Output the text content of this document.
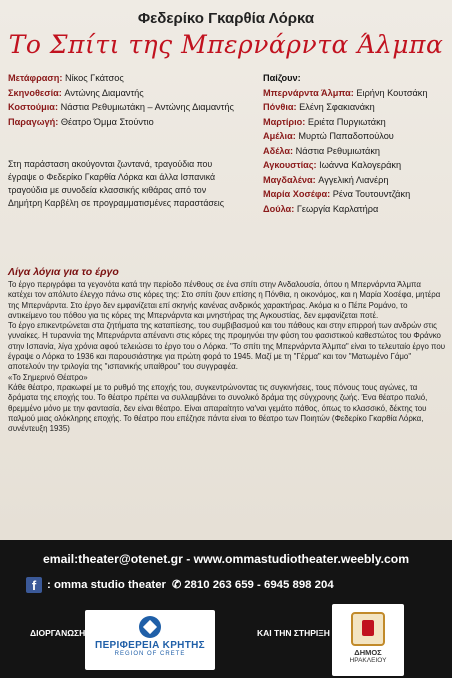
Φεδερίκο Γκαρθία Λόρκα
Το Σπίτι της Μπερνάρντα Άλμπα
Μετάφραση: Νίκος Γκάτσος
Σκηνοθεσία: Αντώνης Διαμαντής
Κοστούμια: Νάστια Ρεθυμιωτάκη – Αντώνης Διαμαντής
Παραγωγή: Θέατρο Όμμα Στούντιο
Στη παράσταση ακούγονται ζωντανά, τραγούδια που έγραψε ο Φεδερίκο Γκαρθία Λόρκα και άλλα Ισπανικά τραγούδια με συνοδεία κλασσικής κιθάρας από τον Δημήτρη Καρβέλη σε προγραμματισμένες παραστάσεις
Παίζουν:
Μπερνάρντα Άλμπα: Ειρήνη Κουτσάκη
Πόνθια: Ελένη Σφακιανάκη
Μαρτίριο: Εριέτα Πυργιωτάκη
Αμέλια: Μυρτώ Παπαδοπούλου
Αδέλα: Νάστια Ρεθυμιωτάκη
Αγκουστίας: Ιωάννα Καλογεράκη
Μαγδαλένα: Αγγελική Λιανέρη
Μαρία Χοσέφα: Ρένα Τουτουντζάκη
Δούλα: Γεωργία Καρλατήρα
Λίγα λόγια για το έργο

Το έργο περιγράφει τα γεγονότα κατά την περίοδο πένθους σε ένα σπίτι στην Ανδαλουσία, όπου η Μπερνάρντα Άλμπα κατέχει τον απόλυτο έλεγχο πάνω στις κόρες της: Στο σπίτι ζουν επίσης η Πόνθια, η οικονόμος, και η Μαρία Χοσέφα, μητέρα της Μπερνάρντα. Στο έργο δεν εμφανίζεται επί σκηνής κανένας ανδρικός χαρακτήρας. Ακόμα κι ο Πέπε Ρομάνο, το αντικείμενο του πόθου για τις κόρες της Μπερνάρντα και μνηστήρας της Αγκουστίας, δεν εμφανίζεται ποτέ.

Το έργο επικεντρώνεται στα ζητήματα της καταπίεσης, του συμβιβασμού και του πάθους και στην επιρροή των ανδρών στις γυναίκες. Η τυραννία της Μπερνάρντα απέναντι στις κόρες της προμηνύει την φύση του φασιστικού καθεστώτος του Φράνκο στην Ισπανία, λίγα χρόνια αφού τελειώσει το έργο του ο Λόρκα. "Το σπίτι της Μπερνάρντα Άλμπα" είναι το τελευταίο έργο που έγραψε ο Λόρκα το 1936 και παρουσιάστηκε για πρώτη φορά το 1945. Μαζί με τη "Γέρμα" και τον "Ματωμένο Γάμο" αποτελούν την τριλογία της "ισπανικής υπαίθρου" του συγγραφέα.

«Το Σημερινό Θέατρο»

Κάθε θέατρο, πρακωφεί με το ρυθμό της εποχής του, συγκεντρώνοντας τις συγκινήσεις, τους πόνους τους αγώνες, τα δράματα της εποχής του. Το θέατρο πρέπει να συλλαμβάνει το συνολικό δράμα της σύγχρονης ζωής. Ένα θέατρο παλιό, θρεμμένο μόνο με την φαντασία, δεν είναι θέατρο. Είναι απαραίτητο να'ναι γεμάτο πάθος, όπως το κλασσικό, δέκτης του παλμού μιας ολόκληρης εποχής. Το θέατρο που επέζησε πάντα είναι το θέατρο των Ποιητών (Φεδερίκο Γκαρθία Λόρκα, συνέντευξη 1935)

email:theater@otenet.gr - www.ommastudiotheater.weebly.com
f : omma studio theater ✆ 2810 263 659 - 6945 898 204
ΔΙΟΡΓΑΝΩΣΗ
ΠΕΡΙΦΕΡΕΙΑ ΚΡΗΤΗΣ
REGION OF CRETE
ΚΑΙ ΤΗΝ ΣΤΗΡΙΞΗ
ΔΗΜΟΣ
ΗΡΑΚΛΕΙΟΥ
